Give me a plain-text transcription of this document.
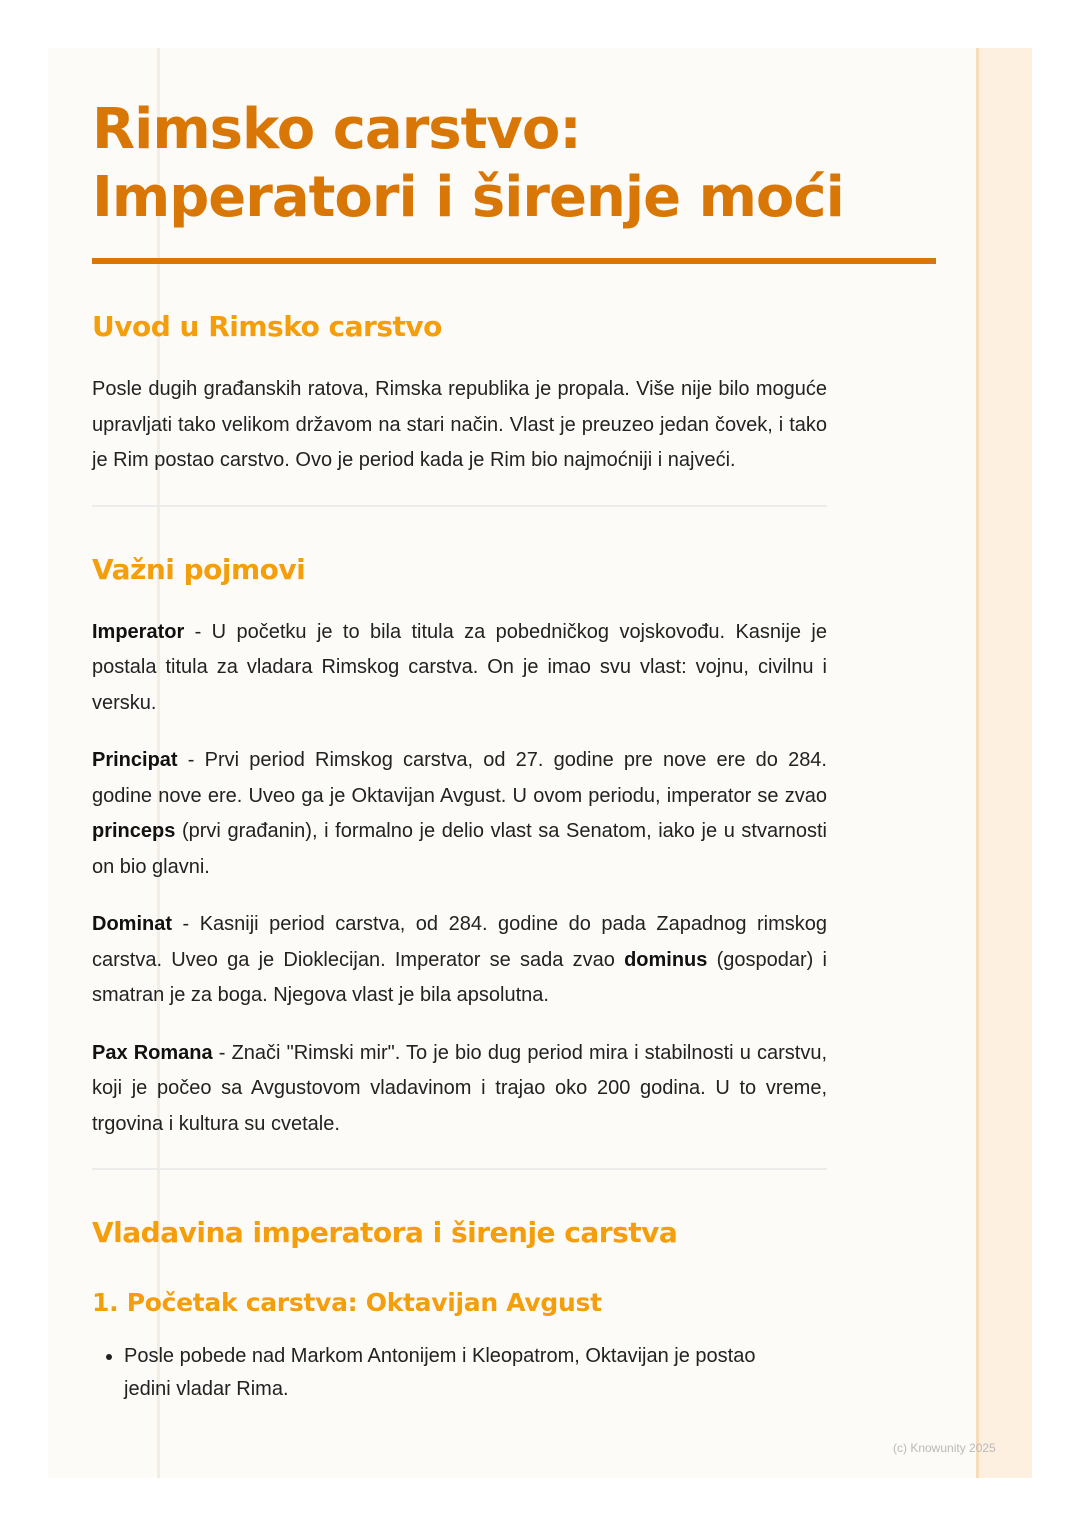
Rimsko carstvo: Imperatori i širenje moći
Uvod u Rimsko carstvo

Posle dugih građanskih ratova, Rimska republika je propala. Više nije bilo moguće upravljati tako velikom državom na stari način. Vlast je preuzeo jedan čovek, i tako je Rim postao carstvo. Ovo je period kada je Rim bio najmoćniji i najveći.

Važni pojmovi

Imperator - U početku je to bila titula za pobedničkog vojskovođu. Kasnije je postala titula za vladara Rimskog carstva. On je imao svu vlast: vojnu, civilnu i versku.

Principat - Prvi period Rimskog carstva, od 27. godine pre nove ere do 284. godine nove ere. Uveo ga je Oktavijan Avgust. U ovom periodu, imperator se zvao princeps (prvi građanin), i formalno je delio vlast sa Senatom, iako je u stvarnosti on bio glavni.

Dominat - Kasniji period carstva, od 284. godine do pada Zapadnog rimskog carstva. Uveo ga je Dioklecijan. Imperator se sada zvao dominus (gospodar) i smatran je za boga. Njegova vlast je bila apsolutna.

Pax Romana - Znači "Rimski mir". To je bio dug period mira i stabilnosti u carstvu, koji je počeo sa Avgustovom vladavinom i trajao oko 200 godina. U to vreme, trgovina i kultura su cvetale.

Vladavina imperatora i širenje carstva
1. Početak carstva: Oktavijan Avgust
• Posle pobede nad Markom Antonijem i Kleopatrom, Oktavijan je postao jedini vladar Rima.
(c) Knowunity 2025
